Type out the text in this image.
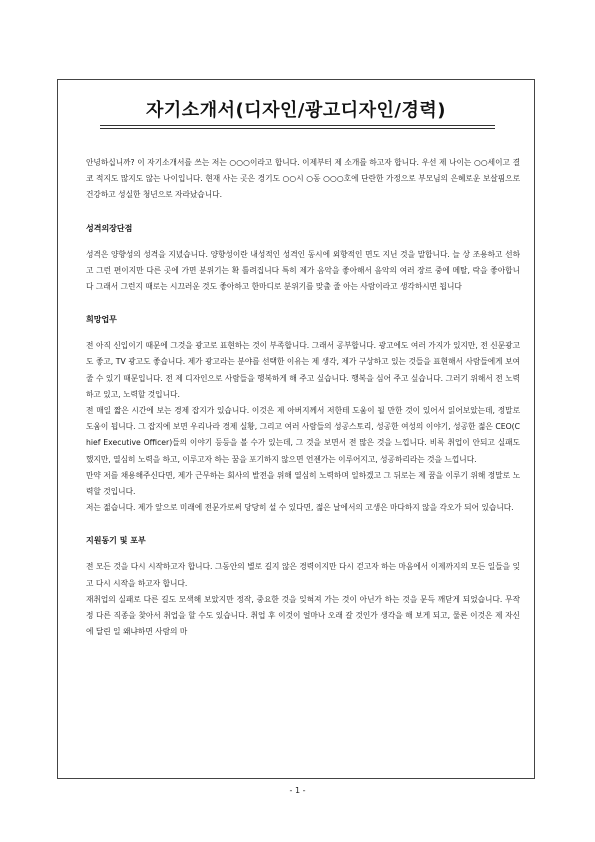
자기소개서(디자인/광고디자인/경력)

안녕하십니까? 이 자기소개서를 쓰는 저는 ○○○이라고 합니다. 이제부터 제 소개를 하고자 합니다. 우선 제 나이는 ○○세이고 결코 적지도 많지도 않는 나이입니다. 현재 사는 곳은 경기도 ○○시 ○동 ○○○호에 단란한 가정으로 부모님의 은혜로운 보살핌으로 건강하고 성실한 청년으로 자라났습니다.

성격의장단점

성격은 양향성의 성격을 지녔습니다. 양향성이란 내성적인 성격인 동시에 외향적인 면도 지닌 것을 말합니다. 늘 상 조용하고 선하고 그런 편이지만 다른 곳에 가면 분위기는 확 틀려집니다 특히 제가 음악을 좋아해서 음악의 여러 장르 중에 메탈, 락을 좋아합니다 그래서 그런지 때로는 시끄러운 것도 좋아하고 한마디로 분위기를 맞출 줄 아는 사람이라고 생각하시면 됩니다

희망업무

전 아직 신입이기 때문에 그것을 광고로 표현하는 것이 부족합니다. 그래서 공부합니다. 광고에도 여러 가지가 있지만, 전 신문광고도 좋고, TV 광고도 좋습니다. 제가 광고라는 분야를 선택한 이유는 제 생각, 제가 구상하고 있는 것들을 표현해서 사람들에게 보여줄 수 있기 때문입니다. 전 제 디자인으로 사람들을 행복하게 해 주고 싶습니다. 행복을 심어 주고 싶습니다. 그러기 위해서 전 노력하고 있고, 노력할 것입니다.

전 매일 짧은 시간에 보는 경제 잡지가 있습니다. 이것은 제 아버지께서 저한테 도움이 될 만한 것이 있어서 읽어보았는데, 정말로 도움이 됩니다. 그 잡지에 보면 우리나라 경제 실황, 그리고 여러 사람들의 성공스토리, 성공한 여성의 이야기, 성공한 젊은 CEO(Chief Executive Officer)들의 이야기 등등을 볼 수가 있는데, 그 것을 보면서 전 많은 것을 느낍니다. 비록 취업이 안되고 실패도 했지만, 열심히 노력을 하고, 이루고자 하는 꿈을 포기하지 않으면 언젠가는 이루어지고, 성공하리라는 것을 느낍니다.

만약 저를 채용해주신다면, 제가 근무하는 회사의 발전을 위해 열심히 노력하며 일하겠고 그 뒤로는 제 꿈을 이루기 위해 정말로 노력할 것입니다.

저는 젊습니다. 제가 앞으로 미래에 전문가로써 당당히 설 수 있다면, 젊은 날에서의 고생은 마다하지 않을 각오가 되어 있습니다.

지원동기 및 포부

전 모든 것을 다시 시작하고자 합니다. 그동안의 별로 길지 않은 경력이지만 다시 걷고자 하는 마음에서 이제까지의 모든 일들을 잊고 다시 시작을 하고자 합니다.

재취업의 실패로 다른 길도 모색해 보았지만 정작, 중요한 것을 잊혀져 가는 것이 아닌가 하는 것을 문득 깨닫게 되었습니다. 무작정 다른 직종을 찾아서 취업을 할 수도 있습니다. 취업 후 이것이 얼마나 오래 갈 것인가 생각을 해 보게 되고, 물론 이것은 제 자신에 달린 일 왜냐하면 사람의 마

- 1 -
